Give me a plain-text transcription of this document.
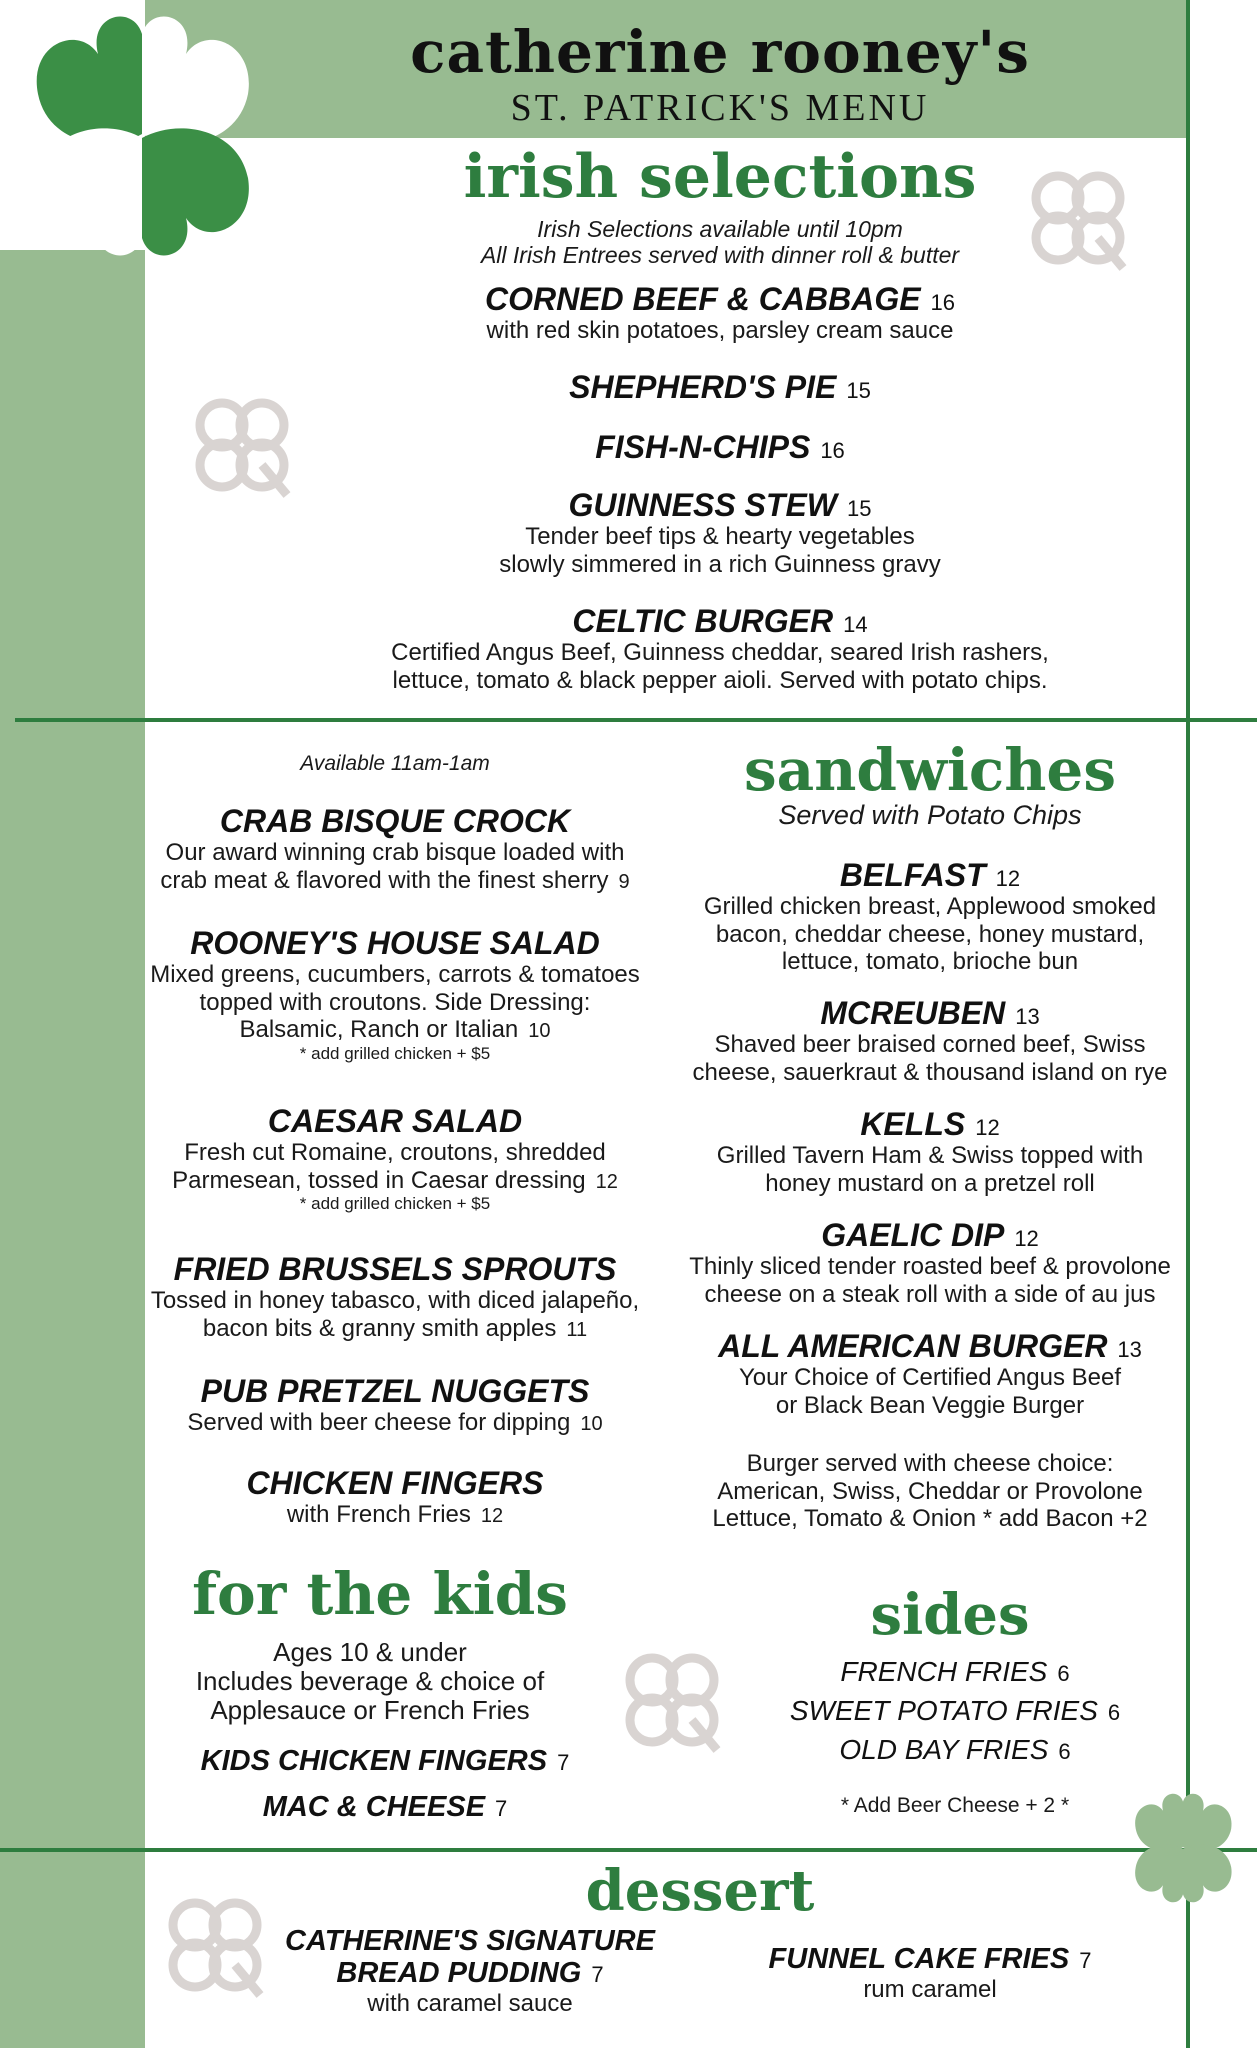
catherine rooney's
ST. PATRICK'S MENU
irish selections
Irish Selections available until 10pm
All Irish Entrees served with dinner roll & butter
CORNED BEEF & CABBAGE 16
with red skin potatoes, parsley cream sauce
SHEPHERD'S PIE 15
FISH-N-CHIPS 16
GUINNESS STEW 15
Tender beef tips & hearty vegetables
slowly simmered in a rich Guinness gravy
CELTIC BURGER 14
Certified Angus Beef, Guinness cheddar, seared Irish rashers,
lettuce, tomato & black pepper aioli. Served with potato chips.
Available 11am-1am
CRAB BISQUE CROCK
Our award winning crab bisque loaded with
crab meat & flavored with the finest sherry 9
ROONEY'S HOUSE SALAD
Mixed greens, cucumbers, carrots & tomatoes
topped with croutons. Side Dressing:
Balsamic, Ranch or Italian 10
* add grilled chicken + $5
CAESAR SALAD
Fresh cut Romaine, croutons, shredded
Parmesean, tossed in Caesar dressing 12
* add grilled chicken + $5
FRIED BRUSSELS SPROUTS
Tossed in honey tabasco, with diced jalapeño,
bacon bits & granny smith apples 11
PUB PRETZEL NUGGETS
Served with beer cheese for dipping 10
CHICKEN FINGERS
with French Fries 12
sandwiches
Served with Potato Chips
BELFAST 12
Grilled chicken breast, Applewood smoked
bacon, cheddar cheese, honey mustard,
lettuce, tomato, brioche bun
MCREUBEN 13
Shaved beer braised corned beef, Swiss
cheese, sauerkraut & thousand island on rye
KELLS 12
Grilled Tavern Ham & Swiss topped with
honey mustard on a pretzel roll
GAELIC DIP 12
Thinly sliced tender roasted beef & provolone
cheese on a steak roll with a side of au jus
ALL AMERICAN BURGER 13
Your Choice of Certified Angus Beef
or Black Bean Veggie Burger
Burger served with cheese choice:
American, Swiss, Cheddar or Provolone
Lettuce, Tomato & Onion * add Bacon +2
for the kids
Ages 10 & under
Includes beverage & choice of
Applesauce or French Fries
KIDS CHICKEN FINGERS 7
MAC & CHEESE 7
sides
FRENCH FRIES 6
SWEET POTATO FRIES 6
OLD BAY FRIES 6
* Add Beer Cheese + 2 *
dessert
CATHERINE'S SIGNATURE
BREAD PUDDING 7
with caramel sauce
FUNNEL CAKE FRIES 7
rum caramel
